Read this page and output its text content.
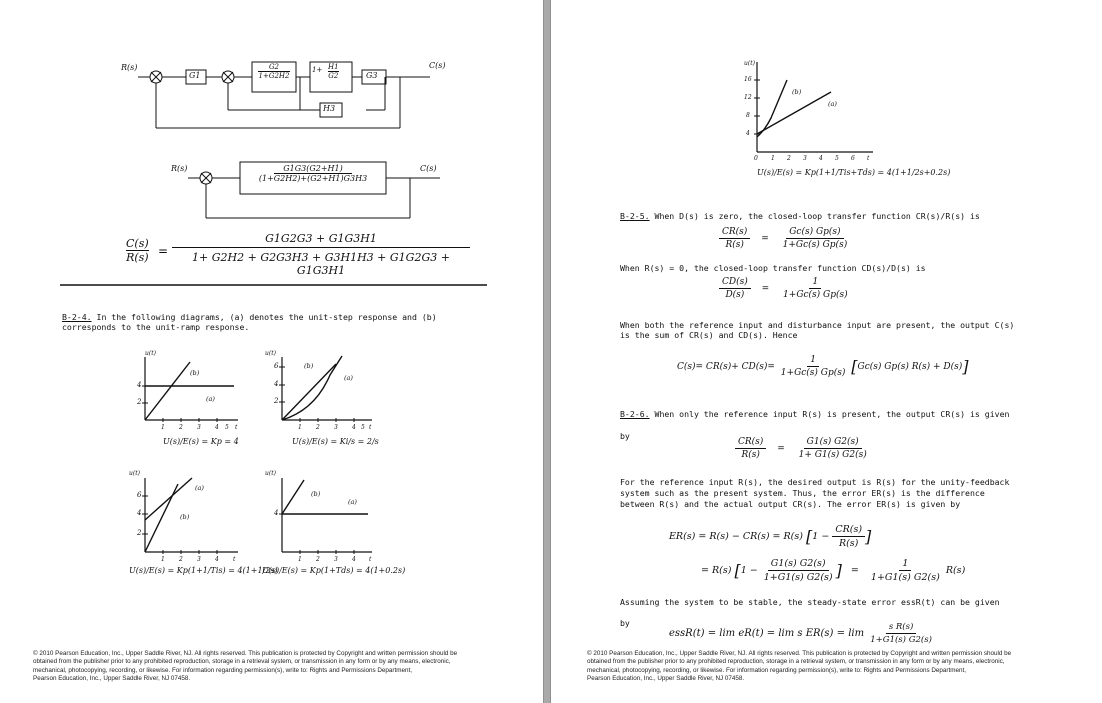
R(s)	C(s)
G1	$\frac{G2}{1+G2H2} 1+ \frac{H1}{G2}$	G3
H3
R(s)	C(s)
$\frac{G1G3(G2+H1)}{(1+G2H2)+(G2+H1)G3H3}$
$\frac{C(s)}{R(s)} = \frac{G1G2G3 + G1G3H1}{1+ G2H2 + G2G3H3 + G3H1H3 + G1G2G3 + G1G3H1}$
B-2-4. In the following diagrams, (a) denotes the unit-step response and (b)
corresponds to the unit-ramp response.
u(t)
4
2
1 2 3 4 5 t
(b)
(a)
U(s)/E(s) = Kp = 4
u(t)
6
4
2
1 2 3 4 5 t
(b)
(a)
U(s)/E(s) = Ki/s = 2/s
u(t)
6
4
2
1 2 3 4 t
(a)
(b)
U(s)/E(s) = Kp(1+1/Tis) = 4(1+1/2s)
u(t)
4
1 2 3 4 t
(b)
(a)
U(s)/E(s) = Kp(1+Tds) = 4(1+0.2s)
© 2010 Pearson Education, Inc., Upper Saddle River, NJ. All rights reserved. This publication is protected by Copyright and written permission should be
obtained from the publisher prior to any prohibited reproduction, storage in a retrieval system, or transmission in any form or by any means, electronic,
mechanical, photocopying, recording, or likewise. For information regarding permission(s), write to: Rights and Permissions Department,
Pearson Education, Inc., Upper Saddle River, NJ 07458.
u(t)
16
12
8
4
0 1 2 3 4 5 6 t
(b)
(a)
U(s)/E(s) = Kp(1+1/Tis+Tds) = 4(1+1/2s+0.2s)
B-2-5. When D(s) is zero, the closed-loop transfer function CR(s)/R(s) is
$\frac{CR(s)}{R(s)} = \frac{Gc(s) Gp(s)}{1+Gc(s) Gp(s)}$
When R(s) = 0, the closed-loop transfer function CD(s)/D(s) is
$\frac{CD(s)}{D(s)} = \frac{1}{1+Gc(s) Gp(s)}$
When both the reference input and disturbance input are present, the output C(s)
is the sum of CR(s) and CD(s). Hence
$C(s)= CR(s)+ CD(s)= \frac{1}{1+Gc(s) Gp(s)} [Gc(s)$ Gp(s) R(s) + D(s)]
B-2-6. When only the reference input R(s) is present, the output CR(s) is given
by
$\frac{CR(s)}{R(s)} = \frac{G1(s) G2(s)}{1+ G1(s) G2(s)}$
For the reference input R(s), the desired output is R(s) for the unity-feedback
system such as the present system. Thus, the error ER(s) is the difference
between R(s) and the actual output CR(s). The error ER(s) is given by
ER(s) = R(s) − CR(s) = R(s) [$1 - \frac{CR(s)}{R(s)}$ ]
= R(s) [$1 - \frac{G1(s) G2(s)}{1+G1(s) G2(s)}$ ] = $\frac{1}{1+G1(s) G2(s)} R(s)$
Assuming the system to be stable, the steady-state error essR(t) can be given
by
essR(t) = lim eR(t) = lim s $ER(s) = \lim \frac{\text{s R(s)}}{1+G1(s) G2(s)}$
© 2010 Pearson Education, Inc., Upper Saddle River, NJ. All rights reserved. This publication is protected by Copyright and written permission should be
obtained from the publisher prior to any prohibited reproduction, storage in a retrieval system, or transmission in any form or by any means, electronic,
mechanical, photocopying, recording, or likewise. For information regarding permission(s), write to: Rights and Permissions Department,
Pearson Education, Inc., Upper Saddle River, NJ 07458.
